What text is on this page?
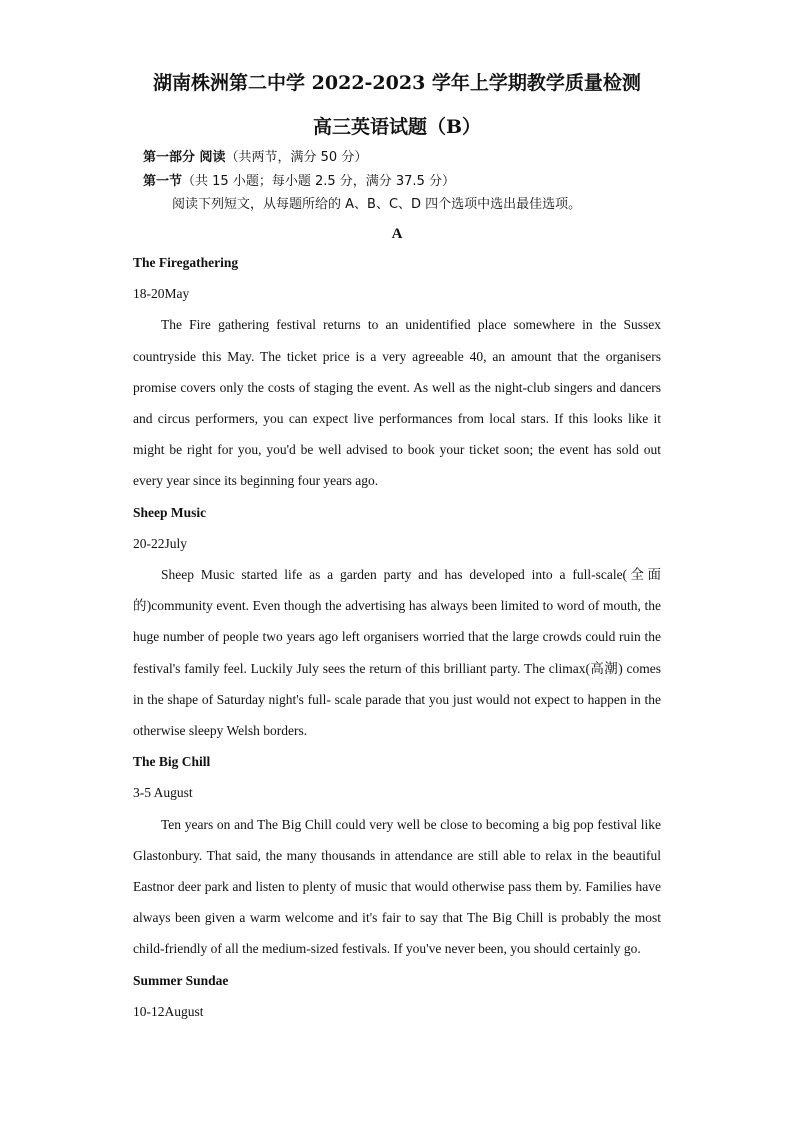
湖南株洲第二中学 2022-2023 学年上学期教学质量检测
高三英语试题（B）
第一部分 阅读（共两节，满分 50 分）
第一节（共 15 小题；每小题 2.5 分，满分 37.5 分）
阅读下列短文，从每题所给的 A、B、C、D 四个选项中选出最佳选项。
A
The Firegathering
18-20May
The Fire gathering festival returns to an unidentified place somewhere in the Sussex countryside this May. The ticket price is a very agreeable 40, an amount that the organisers promise covers only the costs of staging the event. As well as the night-club singers and dancers and circus performers, you can expect live performances from local stars. If this looks like it might be right for you, you'd be well advised to book your ticket soon; the event has sold out every year since its beginning four years ago.
Sheep Music
20-22July
Sheep Music started life as a garden party and has developed into a full-scale(全面的)community event. Even though the advertising has always been limited to word of mouth, the huge number of people two years ago left organisers worried that the large crowds could ruin the festival's family feel. Luckily July sees the return of this brilliant party. The climax(高潮) comes in the shape of Saturday night's full- scale parade that you just would not expect to happen in the otherwise sleepy Welsh borders.
The Big Chill
3-5 August
Ten years on and The Big Chill could very well be close to becoming a big pop festival like Glastonbury. That said, the many thousands in attendance are still able to relax in the beautiful Eastnor deer park and listen to plenty of music that would otherwise pass them by. Families have always been given a warm welcome and it's fair to say that The Big Chill is probably the most child-friendly of all the medium-sized festivals. If you've never been, you should certainly go.
Summer Sundae
10-12August
